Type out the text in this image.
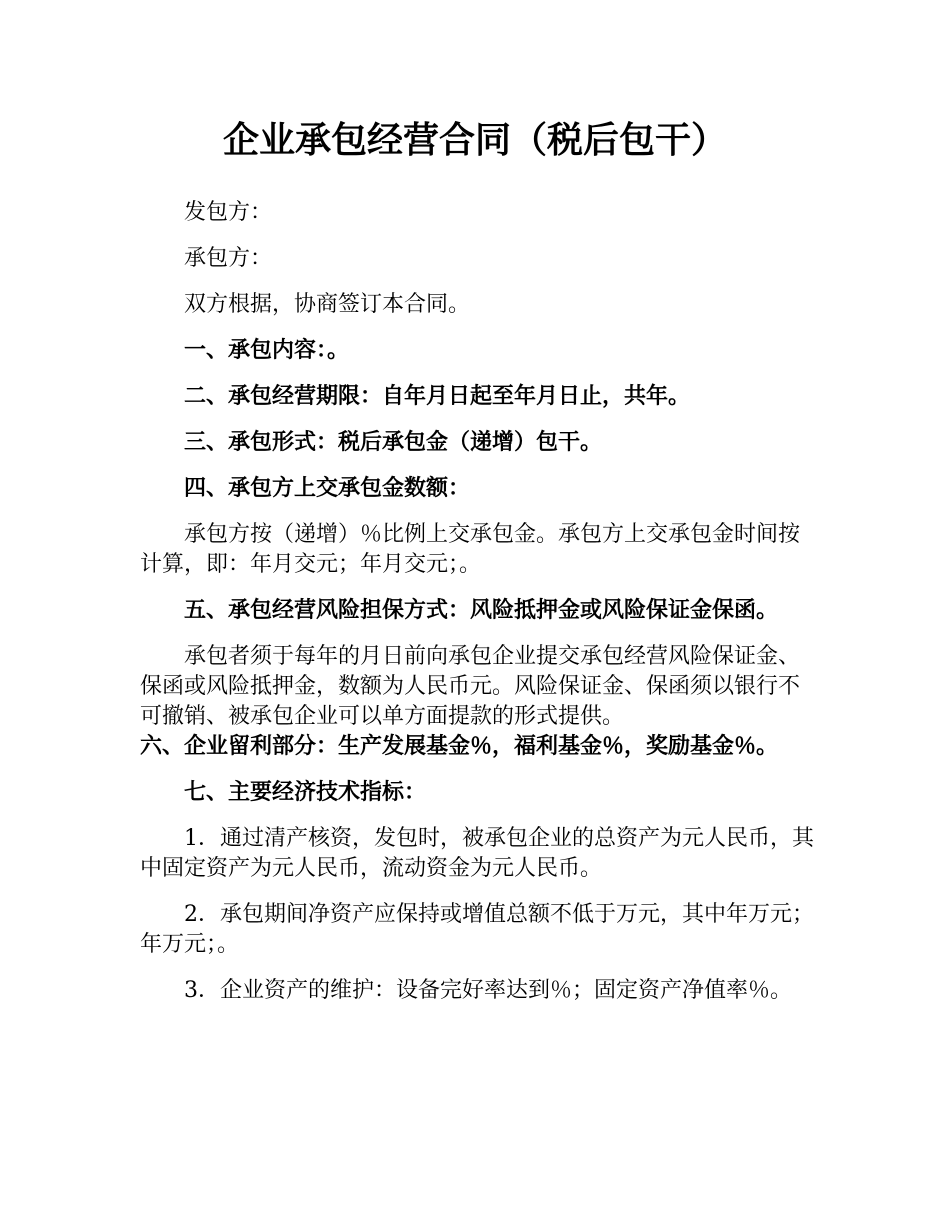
企业承包经营合同（税后包干）

发包方：

承包方：

双方根据，协商签订本合同。

一、承包内容：。

二、承包经营期限：自年月日起至年月日止，共年。

三、承包形式：税后承包金（递增）包干。

四、承包方上交承包金数额：

承包方按（递增）％比例上交承包金。承包方上交承包金时间按计算，即：年月交元；年月交元；。

五、承包经营风险担保方式：风险抵押金或风险保证金保函。

承包者须于每年的月日前向承包企业提交承包经营风险保证金、保函或风险抵押金，数额为人民币元。风险保证金、保函须以银行不可撤销、被承包企业可以单方面提款的形式提供。

六、企业留利部分：生产发展基金％，福利基金％，奖励基金％。

七、主要经济技术指标：

1．通过清产核资，发包时，被承包企业的总资产为元人民币，其中固定资产为元人民币，流动资金为元人民币。

2．承包期间净资产应保持或增值总额不低于万元，其中年万元；年万元；。

3．企业资产的维护：设备完好率达到％；固定资产净值率％。
